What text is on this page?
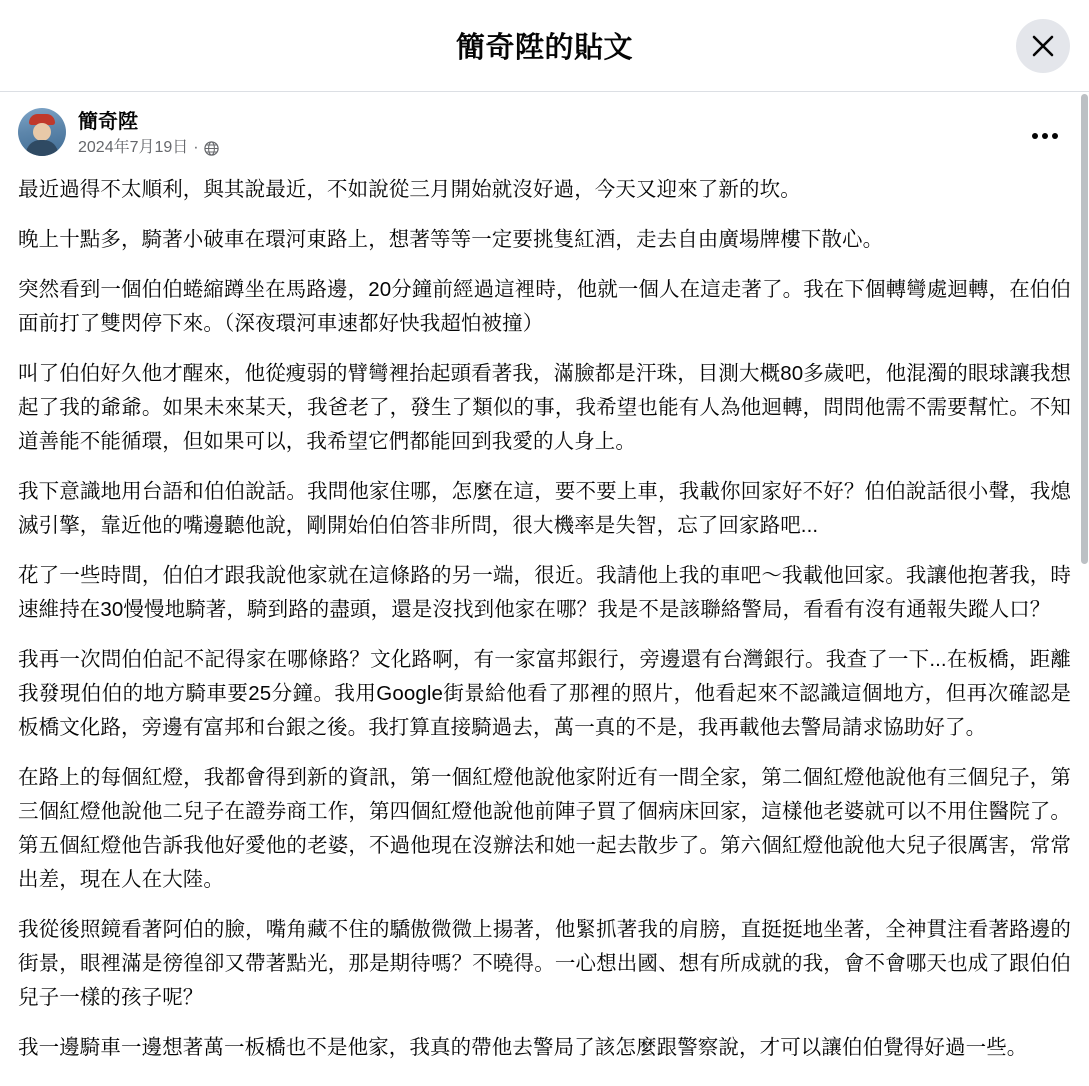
簡奇陞的貼文
簡奇陞
2024年7月19日 ·

最近過得不太順利，與其說最近，不如說從三月開始就沒好過，今天又迎來了新的坎。

晚上十點多，騎著小破車在環河東路上，想著等等一定要挑隻紅酒，走去自由廣場牌樓下散心。

突然看到一個伯伯蜷縮蹲坐在馬路邊，20分鐘前經過這裡時，他就一個人在這走著了。我在下個轉彎處迴轉，在伯伯面前打了雙閃停下來。（深夜環河車速都好快我超怕被撞）

叫了伯伯好久他才醒來，他從瘦弱的臂彎裡抬起頭看著我，滿臉都是汗珠，目測大概80多歲吧，他混濁的眼球讓我想起了我的爺爺。如果未來某天，我爸老了，發生了類似的事，我希望也能有人為他迴轉，問問他需不需要幫忙。不知道善能不能循環，但如果可以，我希望它們都能回到我愛的人身上。

我下意識地用台語和伯伯說話。我問他家住哪，怎麼在這，要不要上車，我載你回家好不好？伯伯說話很小聲，我熄滅引擎，靠近他的嘴邊聽他說，剛開始伯伯答非所問，很大機率是失智，忘了回家路吧...

花了一些時間，伯伯才跟我說他家就在這條路的另一端，很近。我請他上我的車吧～我載他回家。我讓他抱著我，時速維持在30慢慢地騎著，騎到路的盡頭，還是沒找到他家在哪？我是不是該聯絡警局，看看有沒有通報失蹤人口？

我再一次問伯伯記不記得家在哪條路？文化路啊，有一家富邦銀行，旁邊還有台灣銀行。我查了一下...在板橋，距離我發現伯伯的地方騎車要25分鐘。我用Google街景給他看了那裡的照片，他看起來不認識這個地方，但再次確認是板橋文化路，旁邊有富邦和台銀之後。我打算直接騎過去，萬一真的不是，我再載他去警局請求協助好了。

在路上的每個紅燈，我都會得到新的資訊，第一個紅燈他說他家附近有一間全家，第二個紅燈他說他有三個兒子，第三個紅燈他說他二兒子在證券商工作，第四個紅燈他說他前陣子買了個病床回家，這樣他老婆就可以不用住醫院了。第五個紅燈他告訴我他好愛他的老婆，不過他現在沒辦法和她一起去散步了。第六個紅燈他說他大兒子很厲害，常常出差，現在人在大陸。

我從後照鏡看著阿伯的臉，嘴角藏不住的驕傲微微上揚著，他緊抓著我的肩膀，直挺挺地坐著，全神貫注看著路邊的街景，眼裡滿是徬徨卻又帶著點光，那是期待嗎？不曉得。一心想出國、想有所成就的我，會不會哪天也成了跟伯伯兒子一樣的孩子呢？

我一邊騎車一邊想著萬一板橋也不是他家，我真的帶他去警局了該怎麼跟警察說，才可以讓伯伯覺得好過一些。
